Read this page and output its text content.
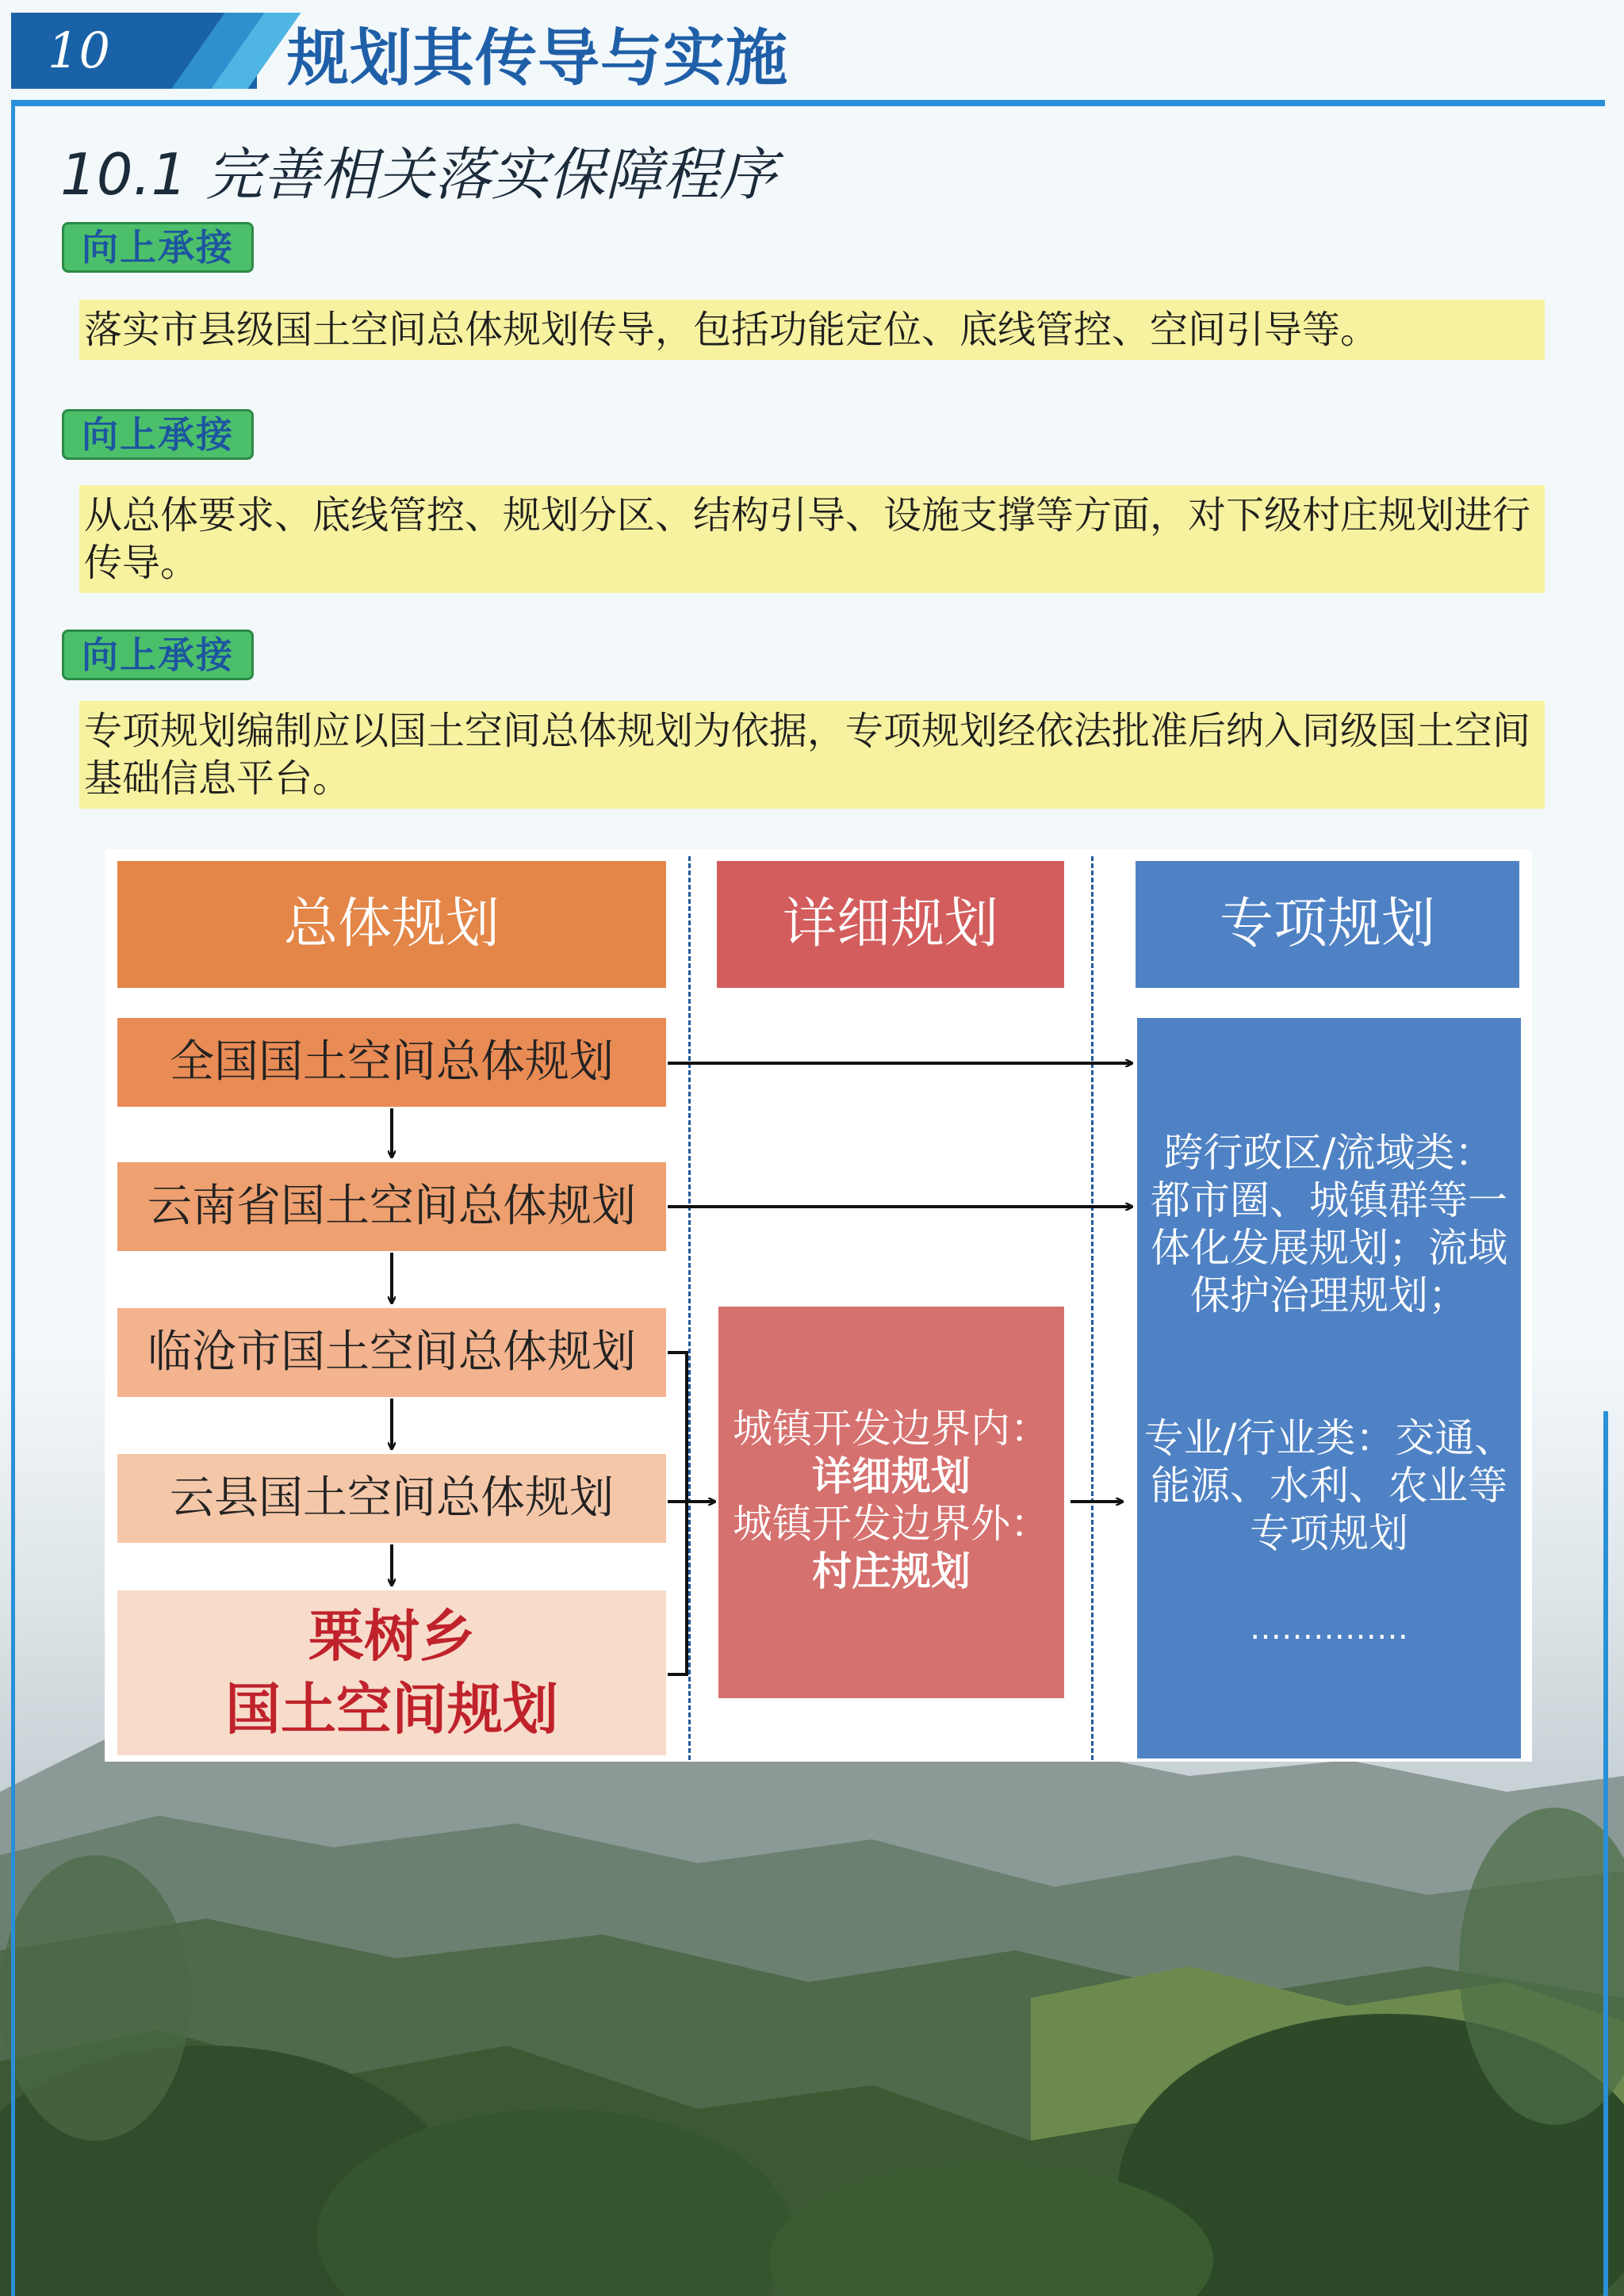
10	规划其传导与实施
10.1 完善相关落实保障程序
向上承接
落实市县级国土空间总体规划传导，包括功能定位、底线管控、空间引导等。
向上承接
从总体要求、底线管控、规划分区、结构引导、设施支撑等方面，对下级村庄规划进行传导。
向上承接
专项规划编制应以国土空间总体规划为依据，专项规划经依法批准后纳入同级国土空间基础信息平台。
总体规划	详细规划	专项规划
全国国土空间总体规划
云南省国土空间总体规划
临沧市国土空间总体规划
云县国土空间总体规划
栗树乡
国土空间规划
城镇开发边界内：
详细规划
城镇开发边界外：
村庄规划
跨行政区/流域类：
都市圈、城镇群等一
体化发展规划；流域
保护治理规划；
专业/行业类：交通、
能源、水利、农业等
专项规划
……………
